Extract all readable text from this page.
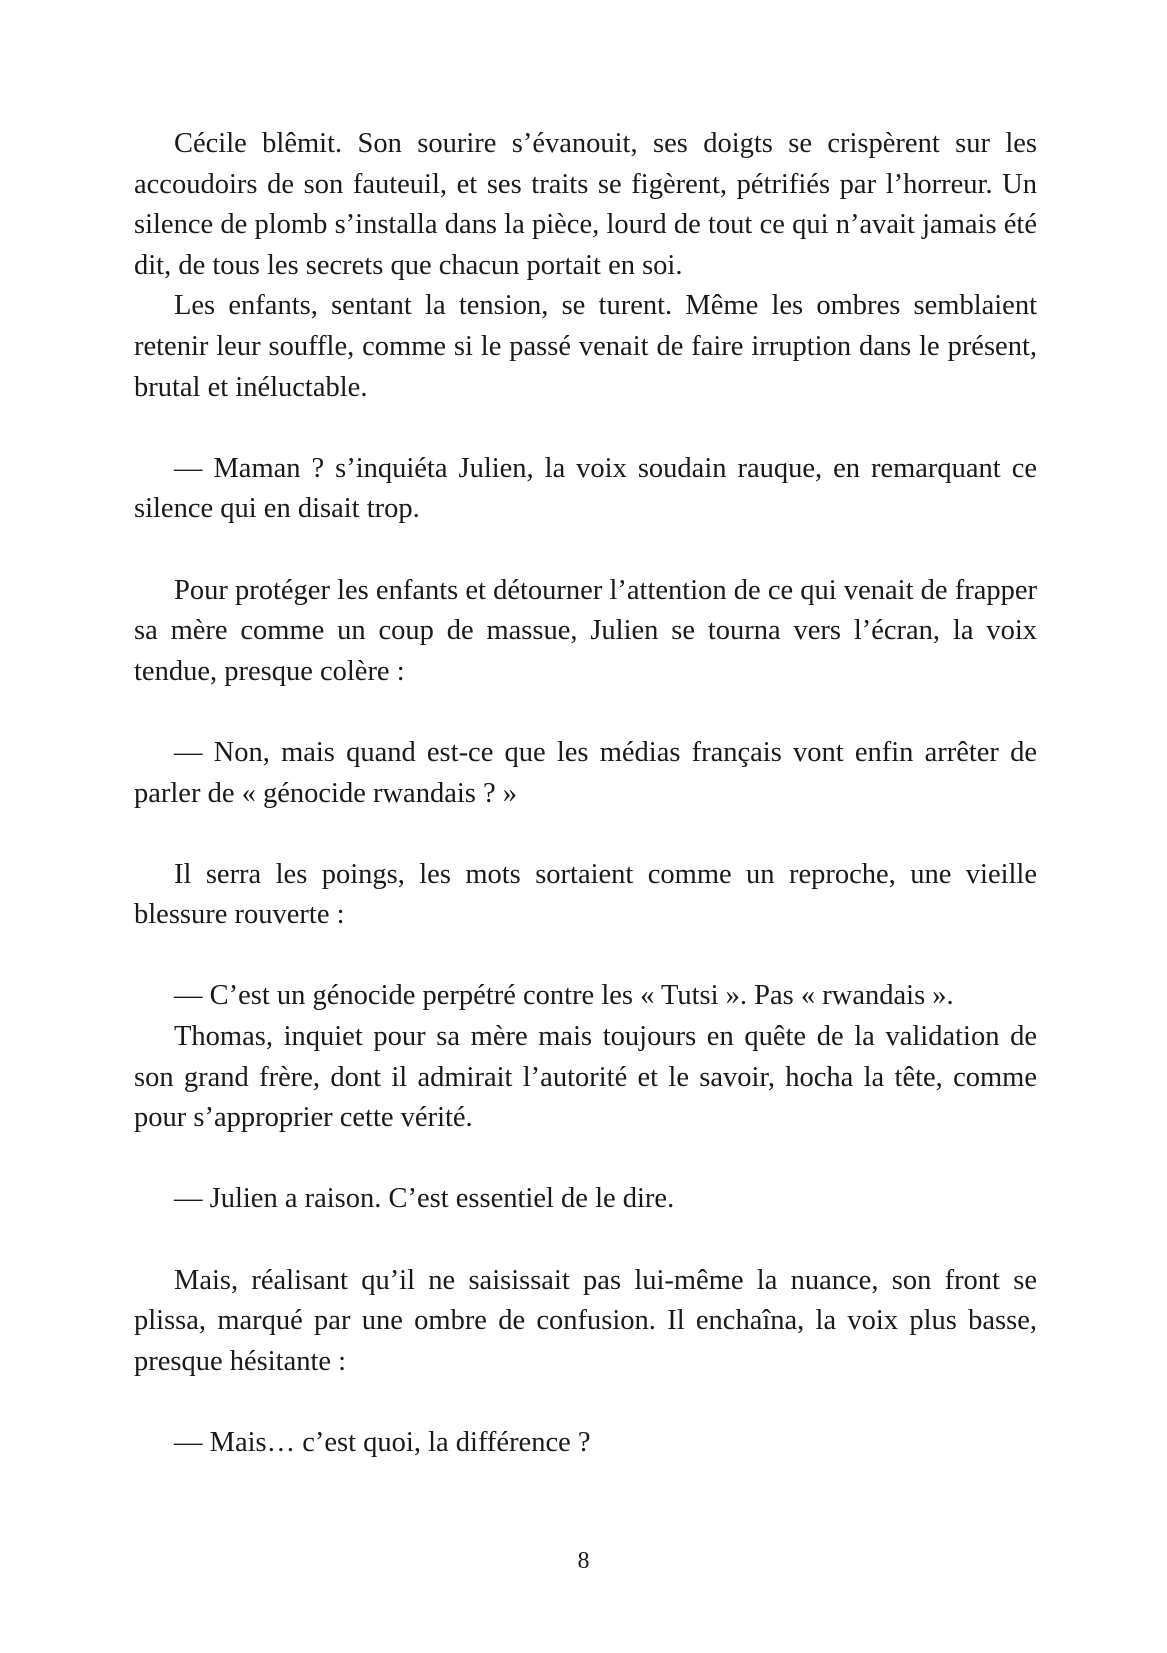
Cécile blêmit. Son sourire s’évanouit, ses doigts se crispèrent sur les accoudoirs de son fauteuil, et ses traits se figèrent, pétrifiés par l’horreur. Un silence de plomb s’installa dans la pièce, lourd de tout ce qui n’avait jamais été dit, de tous les secrets que chacun portait en soi.

Les enfants, sentant la tension, se turent. Même les ombres semblaient retenir leur souffle, comme si le passé venait de faire irruption dans le présent, brutal et inéluctable.

— Maman ? s’inquiéta Julien, la voix soudain rauque, en remarquant ce silence qui en disait trop.

Pour protéger les enfants et détourner l’attention de ce qui venait de frapper sa mère comme un coup de massue, Julien se tourna vers l’écran, la voix tendue, presque colère :

— Non, mais quand est-ce que les médias français vont enfin arrêter de parler de « génocide rwandais ? »

Il serra les poings, les mots sortaient comme un reproche, une vieille blessure rouverte :

— C’est un génocide perpétré contre les « Tutsi ». Pas « rwandais ».

Thomas, inquiet pour sa mère mais toujours en quête de la validation de son grand frère, dont il admirait l’autorité et le savoir, hocha la tête, comme pour s’approprier cette vérité.

— Julien a raison. C’est essentiel de le dire.

Mais, réalisant qu’il ne saisissait pas lui-même la nuance, son front se plissa, marqué par une ombre de confusion. Il enchaîna, la voix plus basse, presque hésitante :

— Mais… c’est quoi, la différence ?

8
